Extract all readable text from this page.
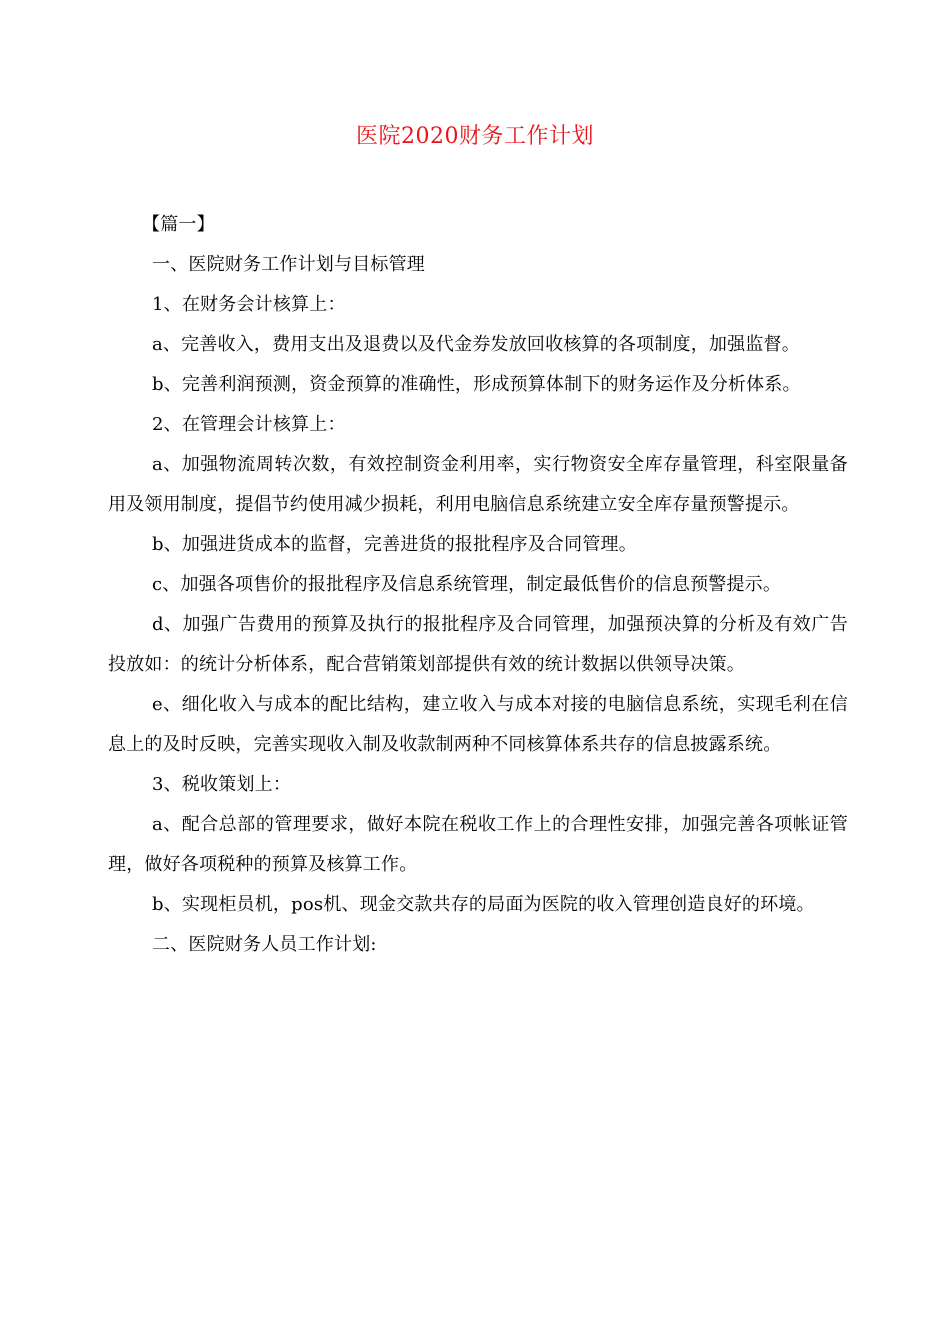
医院2020财务工作计划

【篇一】

一、医院财务工作计划与目标管理

1、在财务会计核算上：

a、完善收入，费用支出及退费以及代金券发放回收核算的各项制度，加强监督。

b、完善利润预测，资金预算的准确性，形成预算体制下的财务运作及分析体系。

2、在管理会计核算上：

a、加强物流周转次数，有效控制资金利用率，实行物资安全库存量管理，科室限量备用及领用制度，提倡节约使用减少损耗，利用电脑信息系统建立安全库存量预警提示。

b、加强进货成本的监督，完善进货的报批程序及合同管理。

c、加强各项售价的报批程序及信息系统管理，制定最低售价的信息预警提示。

d、加强广告费用的预算及执行的报批程序及合同管理，加强预决算的分析及有效广告投放如：的统计分析体系，配合营销策划部提供有效的统计数据以供领导决策。

e、细化收入与成本的配比结构，建立收入与成本对接的电脑信息系统，实现毛利在信息上的及时反映，完善实现收入制及收款制两种不同核算体系共存的信息披露系统。

3、税收策划上：

a、配合总部的管理要求，做好本院在税收工作上的合理性安排，加强完善各项帐证管理，做好各项税种的预算及核算工作。

b、实现柜员机，pos机、现金交款共存的局面为医院的收入管理创造良好的环境。

二、医院财务人员工作计划:
